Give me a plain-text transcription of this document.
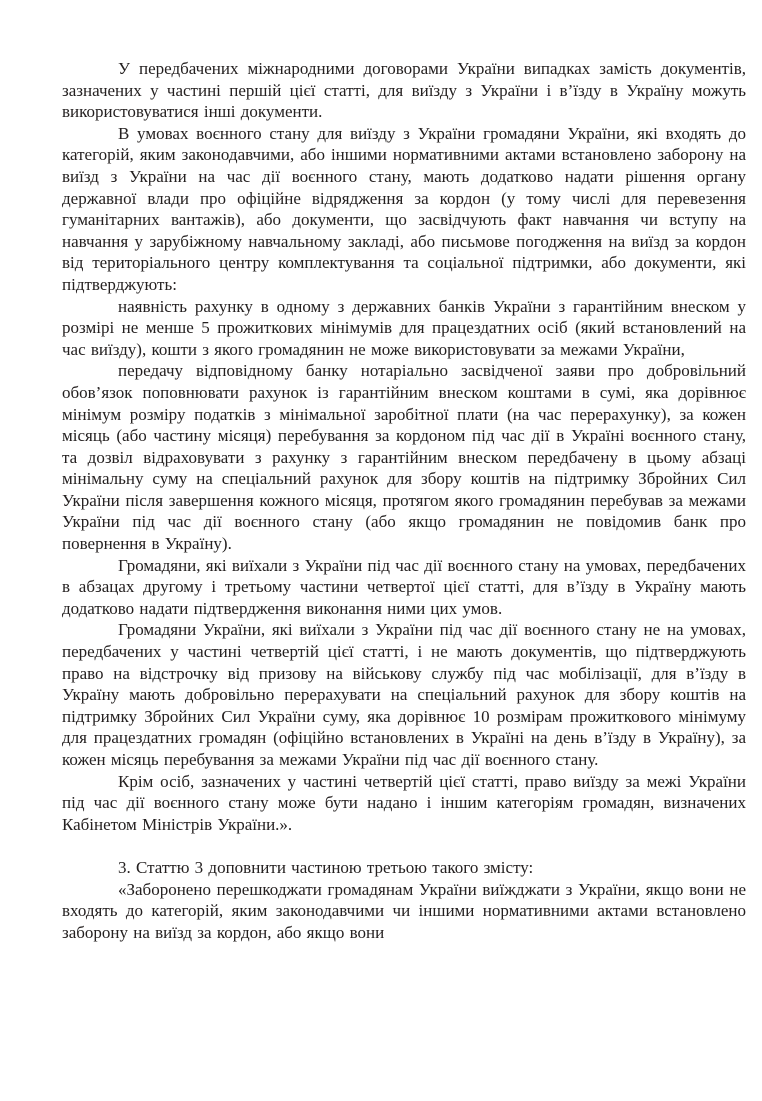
У передбачених міжнародними договорами України випадках замість документів, зазначених у частині першій цієї статті, для виїзду з України і в’їзду в Україну можуть використовуватися інші документи.

В умовах воєнного стану для виїзду з України громадяни України, які входять до категорій, яким законодавчими, або іншими нормативними актами встановлено заборону на виїзд з України на час дії воєнного стану, мають додатково надати рішення органу державної влади про офіційне відрядження за кордон (у тому числі для перевезення гуманітарних вантажів), або документи, що засвідчують факт навчання чи вступу на навчання у зарубіжному навчальному закладі, або письмове погодження на виїзд за кордон від територіального центру комплектування та соціальної підтримки, або документи, які підтверджують:

наявність рахунку в одному з державних банків України з гарантійним внеском у розмірі не менше 5 прожиткових мінімумів для працездатних осіб (який встановлений на час виїзду), кошти з якого громадянин не може використовувати за межами України,

передачу відповідному банку нотаріально засвідченої заяви про добровільний обов’язок поповнювати рахунок із гарантійним внеском коштами в сумі, яка дорівнює мінімум розміру податків з мінімальної заробітної плати (на час перерахунку), за кожен місяць (або частину місяця) перебування за кордоном під час дії в Україні воєнного стану, та дозвіл відраховувати з рахунку з гарантійним внеском передбачену в цьому абзаці мінімальну суму на спеціальний рахунок для збору коштів на підтримку Збройних Сил України після завершення кожного місяця, протягом якого громадянин перебував за межами України під час дії воєнного стану (або якщо громадянин не повідомив банк про повернення в Україну).

Громадяни, які виїхали з України під час дії воєнного стану на умовах, передбачених в абзацах другому і третьому частини четвертої цієї статті, для в’їзду в Україну мають додатково надати підтвердження виконання ними цих умов.

Громадяни України, які виїхали з України під час дії воєнного стану не на умовах, передбачених у частині четвертій цієї статті, і не мають документів, що підтверджують право на відстрочку від призову на військову службу під час мобілізації, для в’їзду в Україну мають добровільно перерахувати на спеціальний рахунок для збору коштів на підтримку Збройних Сил України суму, яка дорівнює 10 розмірам прожиткового мінімуму для працездатних громадян (офіційно встановлених в Україні на день в’їзду в Україну), за кожен місяць перебування за межами України під час дії воєнного стану.

Крім осіб, зазначених у частині четвертій цієї статті, право виїзду за межі України під час дії воєнного стану може бути надано і іншим категоріям громадян, визначених Кабінетом Міністрів України.».

3. Статтю 3 доповнити частиною третьою такого змісту:

«Заборонено перешкоджати громадянам України виїжджати з України, якщо вони не входять до категорій, яким законодавчими чи іншими нормативними актами встановлено заборону на виїзд за кордон, або якщо вони
